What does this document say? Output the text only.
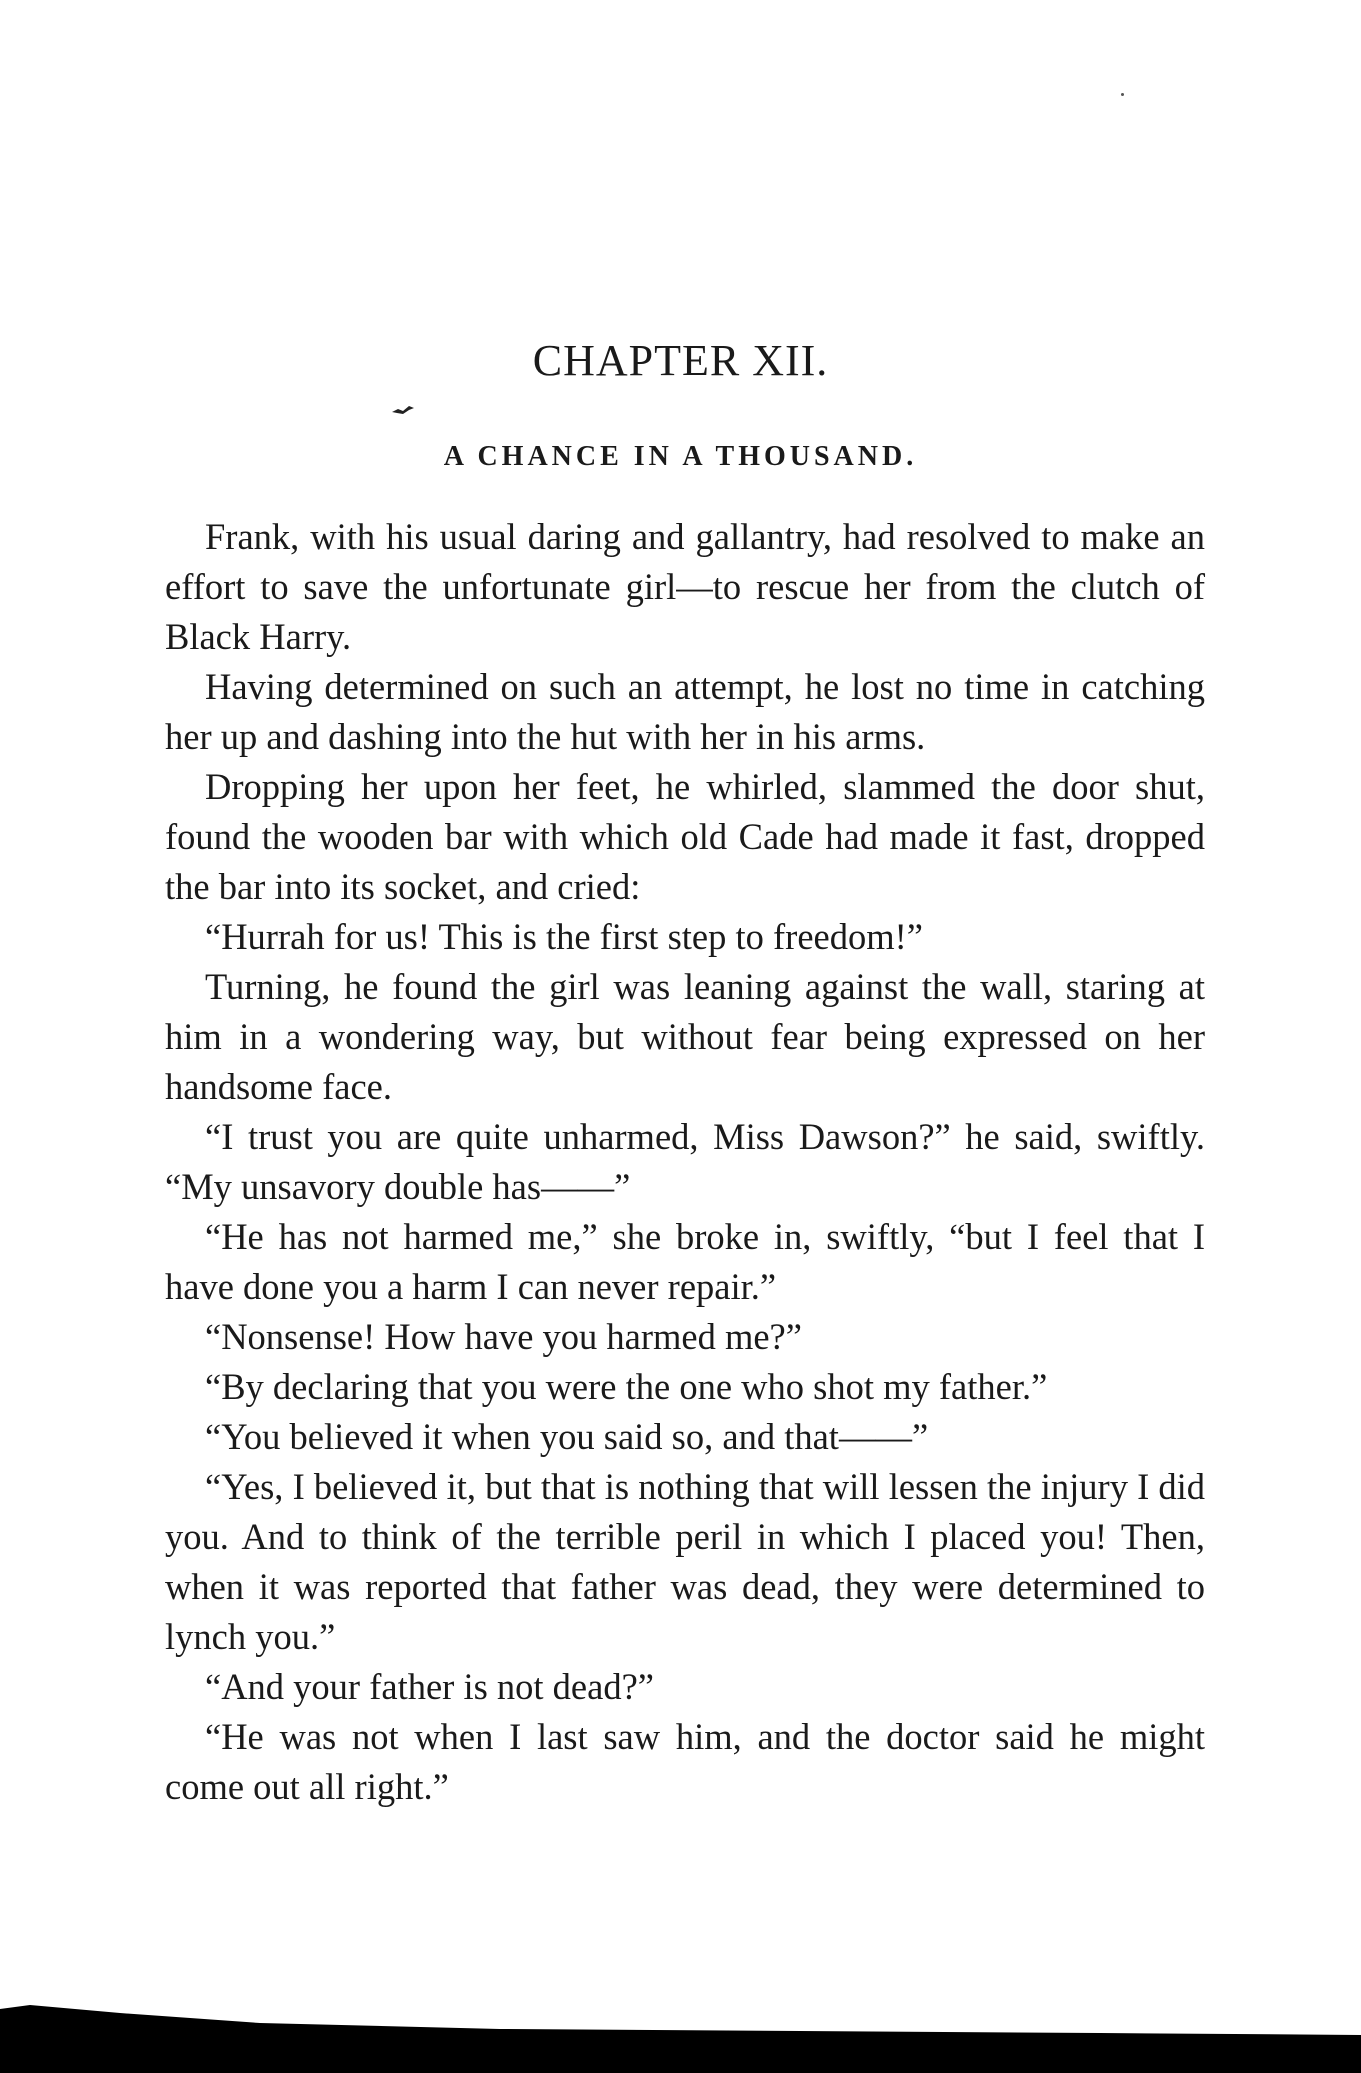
CHAPTER XII.
A CHANCE IN A THOUSAND.

Frank, with his usual daring and gallantry, had resolved to make an effort to save the unfortunate girl—to rescue her from the clutch of Black Harry.

Having determined on such an attempt, he lost no time in catching her up and dashing into the hut with her in his arms.

Dropping her upon her feet, he whirled, slammed the door shut, found the wooden bar with which old Cade had made it fast, dropped the bar into its socket, and cried:

“Hurrah for us! This is the first step to freedom!”

Turning, he found the girl was leaning against the wall, staring at him in a wondering way, but without fear being expressed on her handsome face.

“I trust you are quite unharmed, Miss Dawson?” he said, swiftly. “My unsavory double has——”

“He has not harmed me,” she broke in, swiftly, “but I feel that I have done you a harm I can never repair.”

“Nonsense! How have you harmed me?”

“By declaring that you were the one who shot my father.”

“You believed it when you said so, and that——”

“Yes, I believed it, but that is nothing that will lessen the injury I did you. And to think of the terrible peril in which I placed you! Then, when it was reported that father was dead, they were determined to lynch you.”

“And your father is not dead?”

“He was not when I last saw him, and the doctor said he might come out all right.”
